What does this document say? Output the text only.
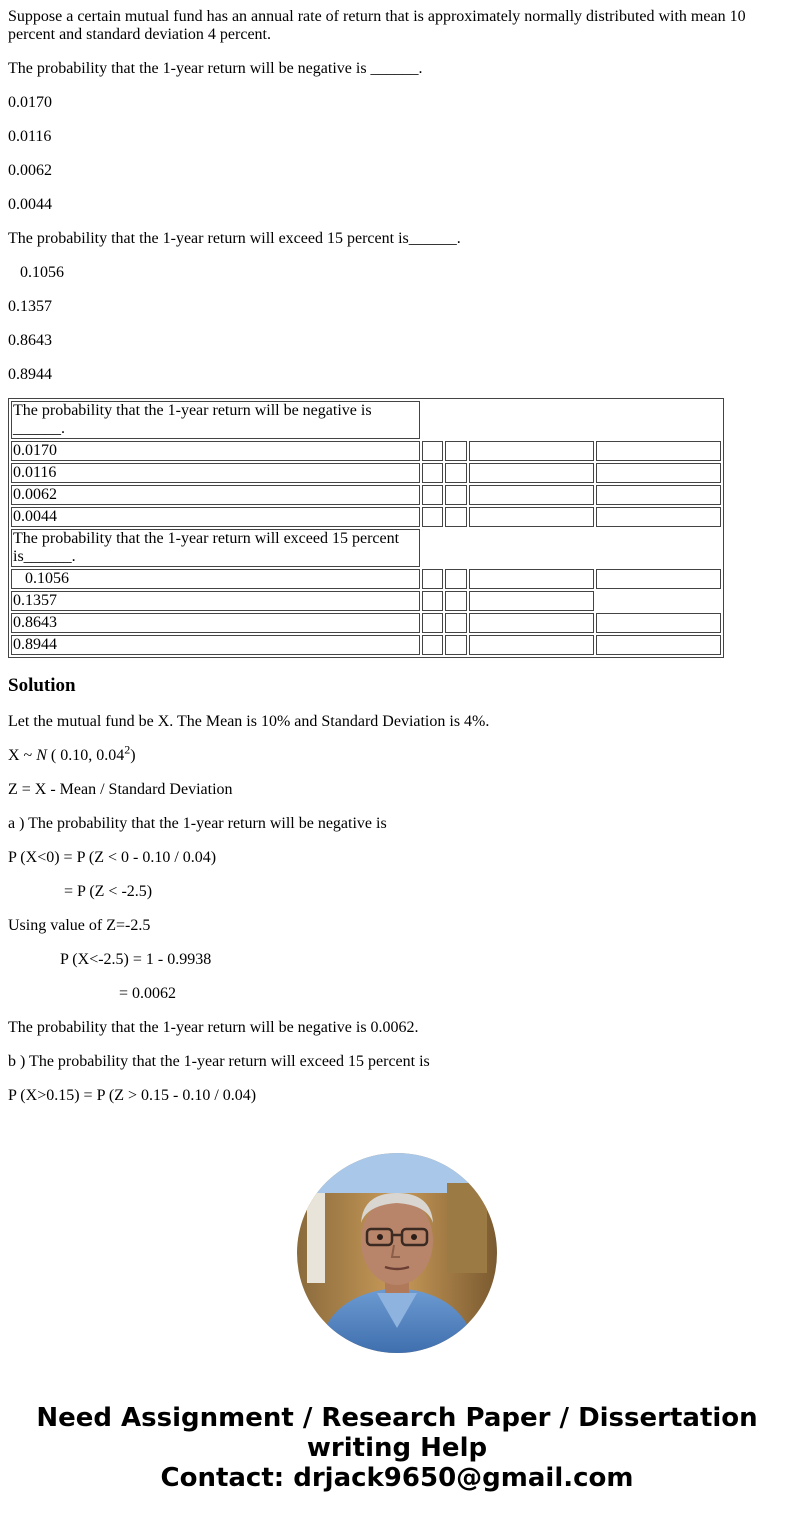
Suppose a certain mutual fund has an annual rate of return that is approximately normally distributed with mean 10 percent and standard deviation 4 percent.

The probability that the 1-year return will be negative is ______.

0.0170

0.0116

0.0062

0.0044

The probability that the 1-year return will exceed 15 percent is______.

0.1056

0.1357

0.8643

0.8944

The probability that the 1-year return will be negative is ______.				
0.0170				
0.0116				
0.0062				
0.0044				
The probability that the 1-year return will exceed 15 percent is______.				
0.1056				
0.1357				
0.8643				
0.8944				
Solution

Let the mutual fund be X. The Mean is 10% and Standard Deviation is 4%.

X ~ N ( 0.10, 0.04$^2$)

Z = X - Mean / Standard Deviation

a ) The probability that the 1-year return will be negative is

P (X<0) = P (Z < 0 - 0.10 / 0.04)

= P (Z < -2.5)

Using value of Z=-2.5

P (X<-2.5) = 1 - 0.9938

= 0.0062

The probability that the 1-year return will be negative is 0.0062.

b ) The probability that the 1-year return will exceed 15 percent is

P (X>0.15) = P (Z > 0.15 - 0.10 / 0.04)

Need Assignment / Research Paper / Dissertation
writing Help
Contact: drjack9650@gmail.com
